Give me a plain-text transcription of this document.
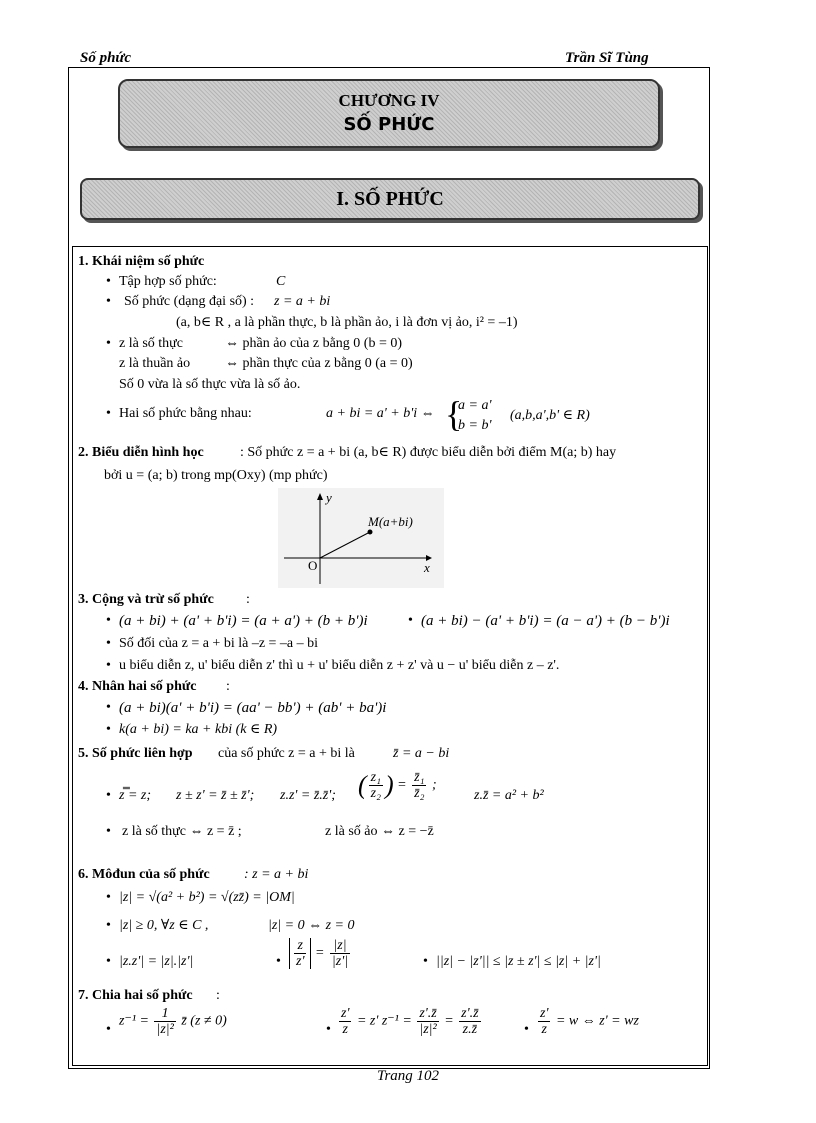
Số phức	Trần Sĩ Tùng
CHƯƠNG IV
SỐ PHỨC
I. SỐ PHỨC
1. Khái niệm số phức
• Tập hợp số phức:	C
• Số phức (dạng đại số) : z = a + bi
(a, b∈ R , a là phần thực, b là phần ảo, i là đơn vị ảo, i² = –1)
• z là số thực	⇔ phần ảo của z bằng 0 (b = 0)
z là thuần ảo ⇔ phần thực của z bằng 0 (a = 0)
Số 0 vừa là số thực vừa là số ảo.
• Hai số phức bằng nhau:	a + bi = a' + b'i ⇔ {
a = a'
b = b'
(a,b,a',b' ∈ R)
2. Biểu diễn hình học	: Số phức z = a + bi (a, b∈ R) được biểu diễn bởi điểm M(a; b) hay
bởi u = (a; b) trong mp(Oxy) (mp phức)
y
x
O
M(a+bi)
3. Cộng và trừ số phức :
• (a + bi) + (a' + b'i) = (a + a') + (b + b')i	• (a + bi) − (a' + b'i) = (a − a') + (b − b')i
• Số đối của z = a + bi là –z = –a – bi
• u biểu diễn z, u' biểu diễn z' thì u + u' biểu diễn z + z' và u − u' biểu diễn z – z'.
4. Nhân hai số phức :
• (a + bi)(a' + b'i) = (aa' − bb') + (ab' + ba')i
• k(a + bi) = ka + kbi (k ∈ R)
5. Số phức liên hợp của số phức z = a + bi là	z̄ = a − bi
• z̿ = z; z ± z' = z̄ ± z̄'; z.z' = z̄.z̄'; ( $\frac{\text{z₁}}{\text{z₂}}$ ) = $\frac{\text{z̄₁}}{\text{z̄₂}}$ ;
z.z̄ = a² + b²
• z là số thực ⇔ z = z̄ ;	z là số ảo ⇔ z = −z̄
6. Môđun của số phức : z = a + bi
• |z| = √(a² + b²) = √(zz̄) = |OM|
• |z| ≥ 0, ∀z ∈ C ,	|z| = 0 ⇔ z = 0
• |z.z'| = |z|.|z'|	• $\frac{z}{z'} = \frac{|z|}{|z'|}$	• ||z| − |z'|| ≤ |z ± z'| ≤ |z| + |z'|
7. Chia hai số phức :
•
$z^{-1} = \frac{1}{\text{|z|²}}$ z̄ (z ≠ 0)
• $\frac{z'}{z} = z'$ $z^{-1} = \frac{z'.z̄}{\text{|z|²}} = \frac{z'.z̄}{z.z̄}$	• $\frac{z'}{z} = w$ ⇔ z' = wz
Trang 102
